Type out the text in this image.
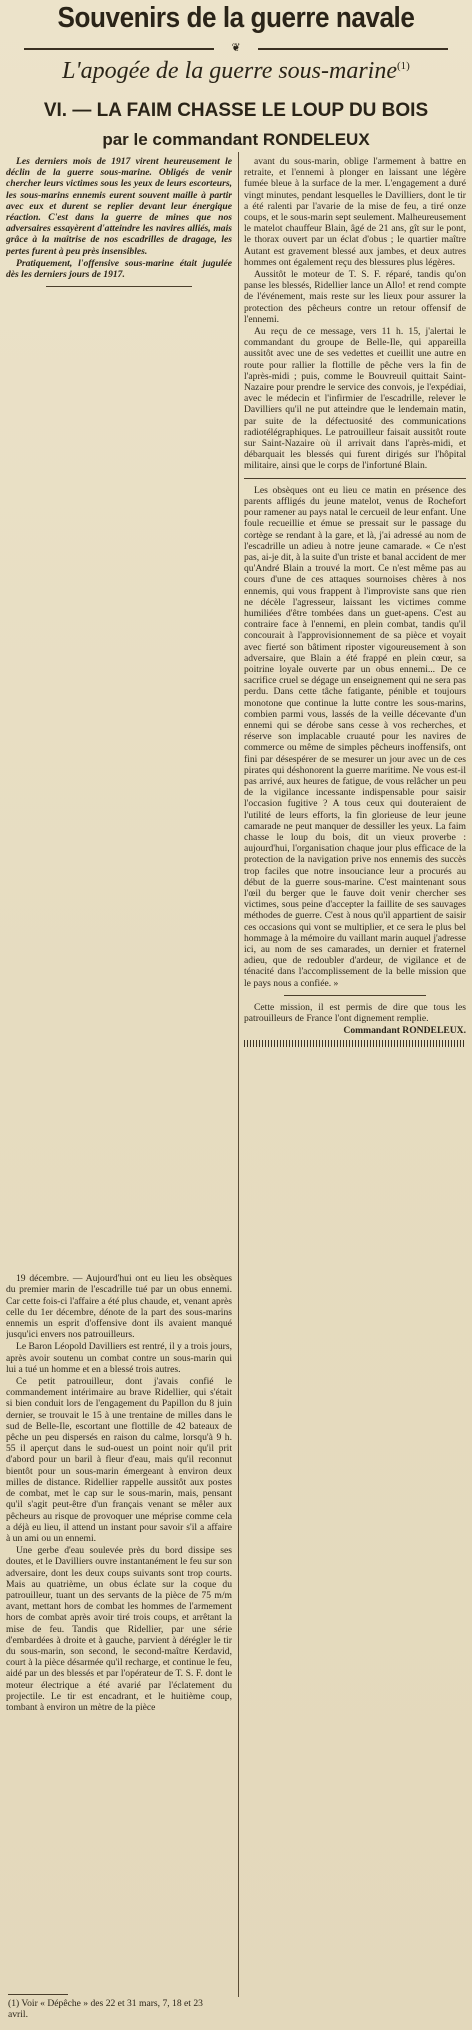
Souvenirs de la guerre navale
❦
L'apogée de la guerre sous-marine$^{(1)}$
VI. — LA FAIM CHASSE LE LOUP DU BOIS
par le commandant RONDELEUX

Les derniers mois de 1917 virent heureusement le déclin de la guerre sous-marine. Obligés de venir chercher leurs victimes sous les yeux de leurs escorteurs, les sous-marins ennemis eurent souvent maille à partir avec eux et durent se replier devant leur énergique réaction. C'est dans la guerre de mines que nos adversaires essayèrent d'atteindre les navires alliés, mais grâce à la maîtrise de nos escadrilles de dragage, les pertes furent à peu près insensibles.

Pratiquement, l'offensive sous-marine était jugulée dès les derniers jours de 1917.

19 décembre. — Aujourd'hui ont eu lieu les obsèques du premier marin de l'escadrille tué par un obus ennemi. Car cette fois-ci l'affaire a été plus chaude, et, venant après celle du 1er décembre, dénote de la part des sous-marins ennemis un esprit d'offensive dont ils avaient manqué jusqu'ici envers nos patrouilleurs.

Le Baron Léopold Davilliers est rentré, il y a trois jours, après avoir soutenu un combat contre un sous-marin qui lui a tué un homme et en a blessé trois autres.

Ce petit patrouilleur, dont j'avais confié le commandement intérimaire au brave Ridellier, qui s'était si bien conduit lors de l'engagement du Papillon du 8 juin dernier, se trouvait le 15 à une trentaine de milles dans le sud de Belle-Ile, escortant une flottille de 42 bateaux de pêche un peu dispersés en raison du calme, lorsqu'à 9 h. 55 il aperçut dans le sud-ouest un point noir qu'il prit d'abord pour un baril à fleur d'eau, mais qu'il reconnut bientôt pour un sous-marin émergeant à environ deux milles de distance. Ridellier rappelle aussitôt aux postes de combat, met le cap sur le sous-marin, mais, pensant qu'il s'agit peut-être d'un français venant se mêler aux pêcheurs au risque de provoquer une méprise comme cela a déjà eu lieu, il attend un instant pour savoir s'il a affaire à un ami ou un ennemi.

Une gerbe d'eau soulevée près du bord dissipe ses doutes, et le Davilliers ouvre instantanément le feu sur son adversaire, dont les deux coups suivants sont trop courts. Mais au quatrième, un obus éclate sur la coque du patrouilleur, tuant un des servants de la pièce de 75 m/m avant, mettant hors de combat les hommes de l'armement hors de combat après avoir tiré trois coups, et arrêtant la mise de feu. Tandis que Ridellier, par une série d'embardées à droite et à gauche, parvient à dérégler le tir du sous-marin, son second, le second-maître Kerdavid, court à la pièce désarmée qu'il recharge, et continue le feu, aidé par un des blessés et par l'opérateur de T. S. F. dont le moteur électrique a été avarié par l'éclatement du projectile. Le tir est encadrant, et le huitième coup, tombant à environ un mètre de la pièce

avant du sous-marin, oblige l'armement à battre en retraite, et l'ennemi à plonger en laissant une légère fumée bleue à la surface de la mer. L'engagement a duré vingt minutes, pendant lesquelles le Davilliers, dont le tir a été ralenti par l'avarie de la mise de feu, a tiré onze coups, et le sous-marin sept seulement. Malheureusement le matelot chauffeur Blain, âgé de 21 ans, gît sur le pont, le thorax ouvert par un éclat d'obus ; le quartier maître Autant est gravement blessé aux jambes, et deux autres hommes ont également reçu des blessures plus légères.

Aussitôt le moteur de T. S. F. réparé, tandis qu'on panse les blessés, Ridellier lance un Allo! et rend compte de l'événement, mais reste sur les lieux pour assurer la protection des pêcheurs contre un retour offensif de l'ennemi.

Au reçu de ce message, vers 11 h. 15, j'alertai le commandant du groupe de Belle-Ile, qui appareilla aussitôt avec une de ses vedettes et cueillit une autre en route pour rallier la flottille de pêche vers la fin de l'après-midi ; puis, comme le Bouvreuil quittait Saint-Nazaire pour prendre le service des convois, je l'expédiai, avec le médecin et l'infirmier de l'escadrille, relever le Davilliers qu'il ne put atteindre que le lendemain matin, par suite de la défectuosité des communications radiotélégraphiques. Le patrouilleur faisait aussitôt route sur Saint-Nazaire où il arrivait dans l'après-midi, et débarquait les blessés qui furent dirigés sur l'hôpital militaire, ainsi que le corps de l'infortuné Blain.

Les obsèques ont eu lieu ce matin en présence des parents affligés du jeune matelot, venus de Rochefort pour ramener au pays natal le cercueil de leur enfant. Une foule recueillie et émue se pressait sur le passage du cortège se rendant à la gare, et là, j'ai adressé au nom de l'escadrille un adieu à notre jeune camarade. « Ce n'est pas, ai-je dit, à la suite d'un triste et banal accident de mer qu'André Blain a trouvé la mort. Ce n'est même pas au cours d'une de ces attaques sournoises chères à nos ennemis, qui vous frappent à l'improviste sans que rien ne décèle l'agresseur, laissant les victimes comme humiliées d'être tombées dans un guet-apens. C'est au contraire face à l'ennemi, en plein combat, tandis qu'il concourait à l'approvisionnement de sa pièce et voyait avec fierté son bâtiment riposter vigoureusement à son adversaire, que Blain a été frappé en plein cœur, sa poitrine loyale ouverte par un obus ennemi... De ce sacrifice cruel se dégage un enseignement qui ne sera pas perdu. Dans cette tâche fatigante, pénible et toujours monotone que continue la lutte contre les sous-marins, combien parmi vous, lassés de la veille décevante d'un ennemi qui se dérobe sans cesse à vos recherches, et réserve son implacable cruauté pour les navires de commerce ou même de simples pêcheurs inoffensifs, ont fini par désespérer de se mesurer un jour avec un de ces pirates qui déshonorent la guerre maritime. Ne vous est-il pas arrivé, aux heures de fatigue, de vous relâcher un peu de la vigilance incessante indispensable pour saisir l'occasion fugitive ? A tous ceux qui douteraient de l'utilité de leurs efforts, la fin glorieuse de leur jeune camarade ne peut manquer de dessiller les yeux. La faim chasse le loup du bois, dit un vieux proverbe : aujourd'hui, l'organisation chaque jour plus efficace de la protection de la navigation prive nos ennemis des succès trop faciles que notre insouciance leur a procurés au début de la guerre sous-marine. C'est maintenant sous l'œil du berger que le fauve doit venir chercher ses victimes, sous peine d'accepter la faillite de ses sauvages méthodes de guerre. C'est à nous qu'il appartient de saisir ces occasions qui vont se multiplier, et ce sera le plus bel hommage à la mémoire du vaillant marin auquel j'adresse ici, au nom de ses camarades, un dernier et fraternel adieu, que de redoubler d'ardeur, de vigilance et de ténacité dans l'accomplissement de la belle mission que le pays nous a confiée. »

Cette mission, il est permis de dire que tous les patrouilleurs de France l'ont dignement remplie.

Commandant RONDELEUX.

(1) Voir « Dépêche » des 22 et 31 mars, 7, 18 et 23 avril.
